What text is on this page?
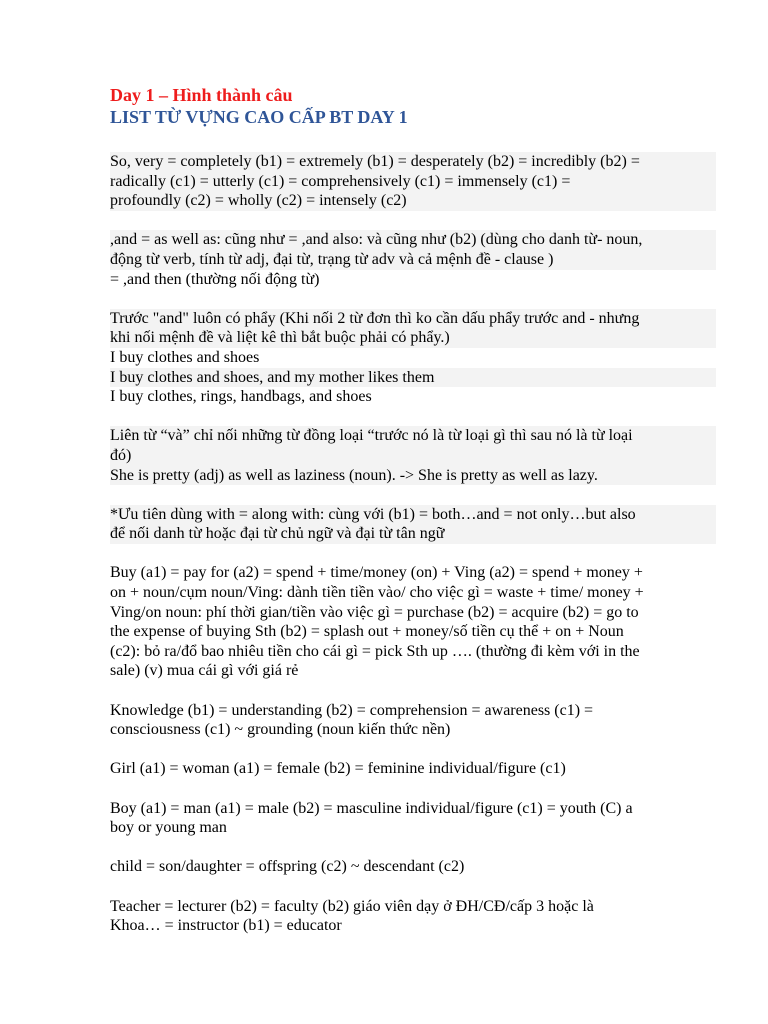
Day 1 – Hình thành câu
LIST TỪ VỰNG CAO CẤP BT DAY 1
So, very = completely (b1) = extremely (b1) = desperately (b2) = incredibly (b2) =
radically (c1) = utterly (c1) = comprehensively (c1) = immensely (c1) =
profoundly (c2) = wholly (c2) = intensely (c2)
,and = as well as: cũng như = ,and also: và cũng như (b2) (dùng cho danh từ- noun,
động từ verb, tính từ adj, đại từ, trạng từ adv và cả mệnh đề - clause )
= ,and then (thường nối động từ)
Trước "and" luôn có phẩy (Khi nối 2 từ đơn thì ko cần dấu phẩy trước and - nhưng
khi nối mệnh đề và liệt kê thì bắt buộc phải có phẩy.)
I buy clothes and shoes
I buy clothes and shoes, and my mother likes them
I buy clothes, rings, handbags, and shoes
Liên từ “và” chỉ nối những từ đồng loại “trước nó là từ loại gì thì sau nó là từ loại
đó)
She is pretty (adj) as well as laziness (noun). -> She is pretty as well as lazy.
*Ưu tiên dùng with = along with: cùng với (b1) = both…and = not only…but also
để nối danh từ hoặc đại từ chủ ngữ và đại từ tân ngữ
Buy (a1) = pay for (a2) = spend + time/money (on) + Ving (a2) = spend + money +
on + noun/cụm noun/Ving: dành tiền tiền vào/ cho việc gì = waste + time/ money +
Ving/on noun: phí thời gian/tiền vào việc gì = purchase (b2) = acquire (b2) = go to
the expense of buying Sth (b2) = splash out + money/số tiền cụ thể + on + Noun
(c2): bỏ ra/đổ bao nhiêu tiền cho cái gì = pick Sth up …. (thường đi kèm với in the
sale) (v) mua cái gì với giá rẻ
Knowledge (b1) = understanding (b2) = comprehension = awareness (c1) =
consciousness (c1) ~ grounding (noun kiến thức nền)
Girl (a1) = woman (a1) = female (b2) = feminine individual/figure (c1)
Boy (a1) = man (a1) = male (b2) = masculine individual/figure (c1) = youth (C) a
boy or young man
child = son/daughter = offspring (c2) ~ descendant (c2)
Teacher = lecturer (b2) = faculty (b2) giáo viên dạy ở ĐH/CĐ/cấp 3 hoặc là
Khoa… = instructor (b1) = educator
